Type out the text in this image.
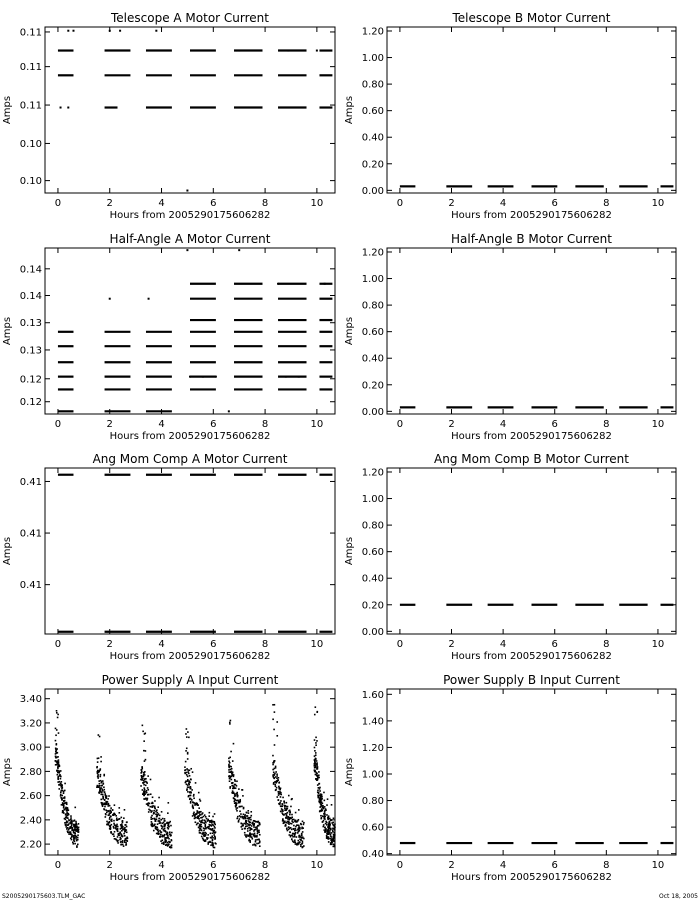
Telescope A Motor Current
0	2	4	6	8	10
0.10
0.10
0.11
0.11
0.11
Hours from 2005290175606282
Amps
Telescope B Motor Current
0	2	4	6	8	10
0.00
0.20
0.40
0.60
0.80
1.00
1.20
Hours from 2005290175606282
Amps
Half-Angle A Motor Current
0	2	4	6	8	10
0.12
0.12
0.13
0.13
0.14
0.14
Hours from 2005290175606282
Amps
Half-Angle B Motor Current
0	2	4	6	8	10
0.00
0.20
0.40
0.60
0.80
1.00
1.20
Hours from 2005290175606282
Amps
Ang Mom Comp A Motor Current
0	2	4	6	8	10
0.41
0.41
0.41
Hours from 2005290175606282
Amps
Ang Mom Comp B Motor Current
0	2	4	6	8	10
0.00
0.20
0.40
0.60
0.80
1.00
1.20
Hours from 2005290175606282
Amps
Power Supply A Input Current
0	2	4	6	8	10
2.20
2.40
2.60
2.80
3.00
3.20
3.40
Hours from 2005290175606282
Amps
Power Supply B Input Current
0	2	4	6	8	10
0.40
0.60
0.80
1.00
1.20
1.40
1.60
Hours from 2005290175606282
Amps
S2005290175603.TLM_GAC	Oct 18, 2005
